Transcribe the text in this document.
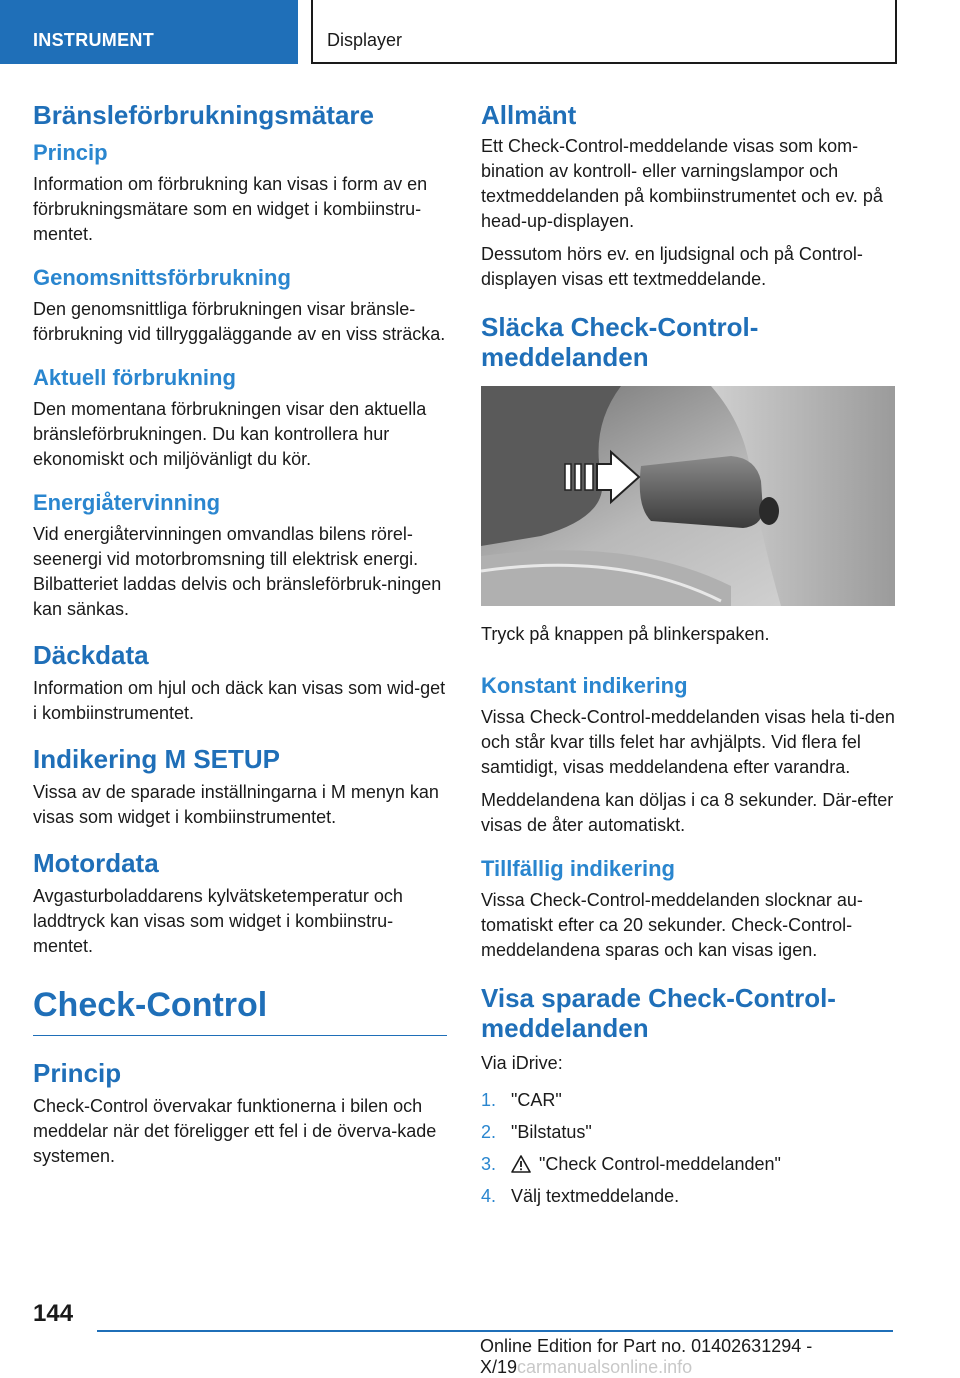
INSTRUMENT	Displayer
Bränsleförbrukningsmätare
Princip

Information om förbrukning kan visas i form av en förbrukningsmätare som en widget i kombiinstru-mentet.

Genomsnittsförbrukning

Den genomsnittliga förbrukningen visar bränsle-förbrukning vid tillryggaläggande av en viss sträcka.

Aktuell förbrukning

Den momentana förbrukningen visar den aktuella bränsleförbrukningen. Du kan kontrollera hur ekonomiskt och miljövänligt du kör.

Energiåtervinning

Vid energiåtervinningen omvandlas bilens rörel-seenergi vid motorbromsning till elektrisk energi. Bilbatteriet laddas delvis och bränsleförbruk-ningen kan sänkas.

Däckdata

Information om hjul och däck kan visas som wid-get i kombiinstrumentet.

Indikering M SETUP

Vissa av de sparade inställningarna i M menyn kan visas som widget i kombiinstrumentet.

Motordata

Avgasturboladdarens kylvätsketemperatur och laddtryck kan visas som widget i kombiinstru-mentet.

Check-Control
Princip

Check-Control övervakar funktionerna i bilen och meddelar när det föreligger ett fel i de överva-kade systemen.

Allmänt

Ett Check-Control-meddelande visas som kom-bination av kontroll- eller varningslampor och textmeddelanden på kombiinstrumentet och ev. på head-up-displayen.

Dessutom hörs ev. en ljudsignal och på Control-displayen visas ett textmeddelande.

Släcka Check-Control-meddelanden

Tryck på knappen på blinkerspaken.

Konstant indikering

Vissa Check-Control-meddelanden visas hela ti-den och står kvar tills felet har avhjälpts. Vid flera fel samtidigt, visas meddelandena efter varandra.

Meddelandena kan döljas i ca 8 sekunder. Där-efter visas de åter automatiskt.

Tillfällig indikering

Vissa Check-Control-meddelanden slocknar au-tomatiskt efter ca 20 sekunder. Check-Control-meddelandena sparas och kan visas igen.

Visa sparade Check-Control-meddelanden

Via iDrive:

1. "CAR"
2. "Bilstatus"
3. "Check Control-meddelanden"
4. Välj textmeddelande.
144
Online Edition for Part no. 01402631294 - X/19carmanualsonline.info
